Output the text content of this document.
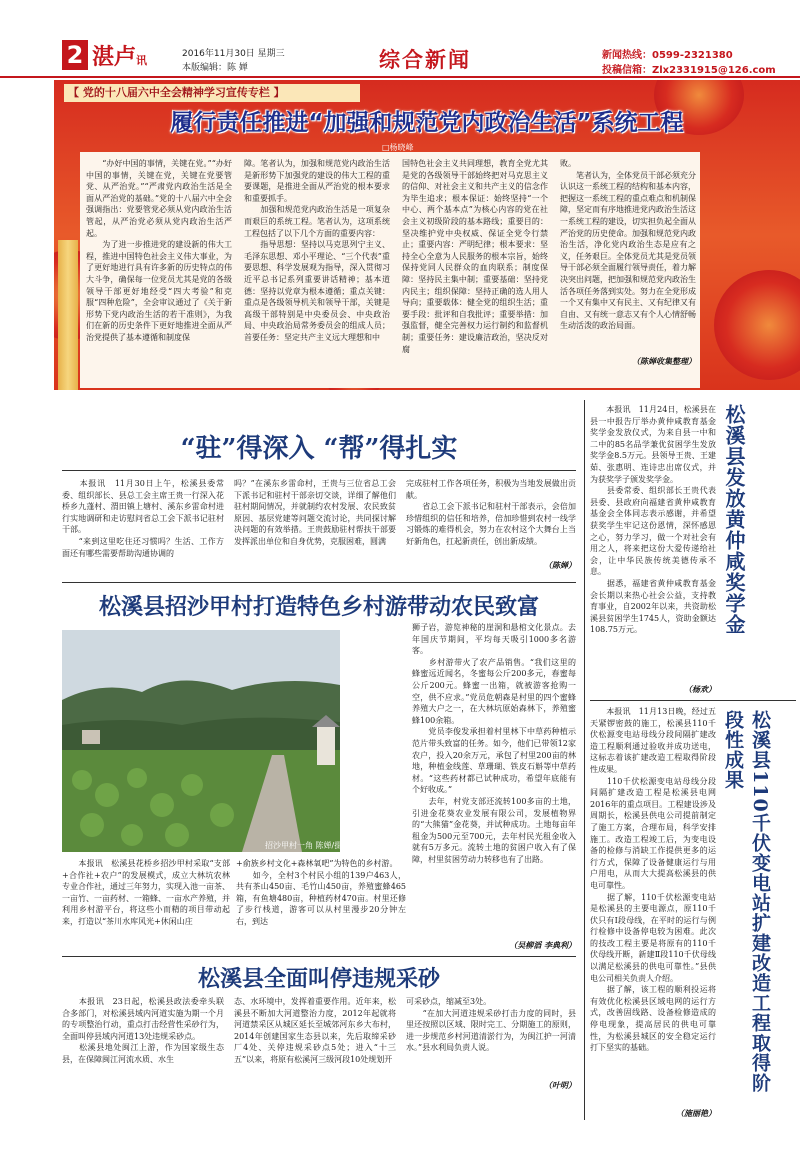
2 湛卢讯	2016年11月30日 星期三
本版编辑：陈 婵	综合新闻	新闻热线：0599-2321380
投稿信箱：Zlx2331915@126.com
【 党的十八届六中全会精神学习宣传专栏 】
履行责任推进“加强和规范党内政治生活”系统工程
□杨晓峰
　　“办好中国的事情，关键在党。”“办好中国的事情，关键在党，关键在党要管党、从严治党。”“严肃党内政治生活是全面从严治党的基础。”党的十八届六中全会强调指出：党要管党必须从党内政治生活管起，从严治党必须从党内政治生活严起。
　　为了进一步推进党的建设新的伟大工程，推进中国特色社会主义伟大事业，为了更好地进行具有许多新的历史特点的伟大斗争，确保每一位党员尤其是党的各级领导干部更好地经受“四大考验”和克服“四种危险”，全会审议通过了《关于新形势下党内政治生活的若干准则》，为我们在新的历史条件下更好地推进全面从严治党提供了基本遵循和制度保
障。笔者认为，加强和规范党内政治生活是新形势下加强党的建设的伟大工程的重要课题，是推进全面从严治党的根本要求和重要抓手。
　　加强和规范党内政治生活是一项复杂而艰巨的系统工程。笔者认为，这项系统工程包括了以下几个方面的重要内容：
　　指导思想：坚持以马克思列宁主义、毛泽东思想、邓小平理论、“三个代表”重要思想、科学发展观为指导，深入贯彻习近平总书记系列重要讲话精神；基本道德：坚持以党章为根本遵循；重点关键：重点是各级领导机关和领导干部，关键是高级干部特别是中央委员会、中央政治局、中央政治局常务委员会的组成人员；首要任务：坚定共产主义远大理想和中
国特色社会主义共同理想，教育全党尤其是党的各级领导干部始终把对马克思主义的信仰、对社会主义和共产主义的信念作为毕生追求；根本保证：始终坚持“一个中心、两个基本点”为核心内容的党在社会主义初级阶段的基本路线；重要目的：坚决维护党中央权威、保证全党令行禁止；重要内容：严明纪律；根本要求：坚持全心全意为人民服务的根本宗旨，始终保持党同人民群众的血肉联系；制度保障：坚持民主集中制；重要基础：坚持党内民主；组织保障：坚持正确的选人用人导向；重要载体：健全党的组织生活；重要手段：批评和自我批评；重要举措：加强监督，健全完善权力运行制约和监督机制；重要任务：建设廉洁政治，坚决反对腐
败。
　　笔者认为，全体党员干部必须充分认识这一系统工程的结构和基本内容，把握这一系统工程的重点难点和机制保障，坚定而有序地推进党内政治生活这一系统工程的建设，切实担负起全面从严治党的历史使命。加强和规范党内政治生活，净化党内政治生态是应有之义，任务艰巨。全体党员尤其是党员领导干部必须全面履行领导责任，着力解决突出问题，把加强和规范党内政治生活各项任务落到实处。努力在全党形成一个又有集中又有民主、又有纪律又有自由、又有统一意志又有个人心情舒畅生动活泼的政治局面。
（陈婵收集整理）
“驻”得深入 “帮”得扎实
　　本报讯　11月30日上午，松溪县委常委、组织部长、县总工会主席王贵一行深入花桥乡九蓬村、渭田镇上塘村、溪东乡雷命村进行实地调研和走访慰问省总工会下派书记驻村干部。
　　“来到这里吃住还习惯吗？生活、工作方面还有哪些需要帮助沟通协调的
吗？”在溪东乡雷命村，王贵与三位省总工会下派书记和驻村干部亲切交谈，详细了解他们驻村期间情况，并就制约农村发展、农民致贫原因、基层党建等问题交流讨论，共同探讨解决问题的有效举措。王贵鼓励驻村帮扶干部要发挥派出单位和自身优势，克服困难，圆满
完成驻村工作各项任务，积极为当地发展做出贡献。
　　省总工会下派书记和驻村干部表示，会倍加珍惜组织的信任和培养，倍加珍惜到农村一线学习锻炼的难得机会，努力在农村这个大舞台上当好新角色，扛起新责任，创出新成绩。
（陈婵）
松溪县招沙甲村打造特色乡村游带动农民致富
招沙甲村一角 陈婵/摄
　　本报讯　松溪县花桥乡招沙甲村采取“支部+合作社+农户”的发展模式，成立大林坑农林专业合作社，通过三年努力，实现入池一亩茶、一亩竹、一亩药材、一箱蜂、一亩水产养殖，并利用乡村游平台，将这些小而精的项目带动起来，打造以“茶川水库风光+休闲山庄
+俞族乡村文化+森林氧吧”为特色的乡村游。
　　如今，全村3个村民小组的139户463人，共有茶山450亩、毛竹山450亩，养殖蜜蜂465箱，有鱼塘480亩，种植药材470亩。村里还修了步行栈道，游客可以从村里漫步20分钟左右，到达
狮子岩，游览神秘的崖洞和悬棺文化景点。去年国庆节期间，平均每天吸引1000多名游客。
　　乡村游带火了农产品销售。“我们这里的蜂蜜远近闻名，冬蜜每公斤200多元，春蜜每公斤200元。蜂蜜一出箱，就被游客抢购一空，供不应求。”党员危朝森是村里的四个蜜蜂养殖大户之一，在大林坑原始森林下，养殖蜜蜂100余箱。
　　党员李俊发承担着村里林下中草药种植示范片带头致富的任务。如今，他们已带领12家农户，投入20余万元，承包了村里200亩的林地，种植金线莲、草珊瑚、铁皮石斛等中草药材。“这些药材都已试种成功，希望年底能有个好收成。”
　　去年，村党支部还流转100多亩的土地，引进金花葵农业发展有限公司，发展植物界的“大熊猫”金花葵，并试种成功。土地每亩年租金为500元至700元，去年村民光租金收入就有5万多元。流转土地的贫困户收入有了保障，村里贫困劳动力转移也有了出路。
（吴柳滔 李典利）
松溪县全面叫停违规采砂
　　本报讯　23日起，松溪县政法委牵头联合多部门，对松溪县域内河道实施为期一个月的专项整治行动，重点打击经营性采砂行为，全面叫停县域内河道13处违规采砂点。
　　松溪县地处闽江上游，作为国家级生态县，在保障闽江河流水质、水生
态、水环境中，发挥着重要作用。近年来，松溪县不断加大河道整治力度，2012年起就将河道禁采区从城区延长至城郊河东乡大布村，2014年创建国家生态县以来，先后取缔采砂厂4处、关停违规采砂点5处；进入“十三五”以来，将原有松溪河三级河段10处规划开
可采砂点，缩减至3处。
　　“在加大河道违规采砂打击力度的同时，县里还按照以区域、限时完工、分期施工的原则，进一步规范乡村河道清淤行为，为闽江护一河清水。”县水利局负责人说。
（叶明）
　　本报讯　11月24日，松溪县在县一中报告厅举办黄仲咸教育基金奖学金发放仪式，为来自县一中和二中的85名品学兼优贫困学生发放奖学金8.5万元。县领导王贵、王建茹、张惠明、连诗忠出席仪式，并为获奖学子颁发奖学金。
　　县委常委、组织部长王贵代表县委、县政府向福建省黄仲咸教育基金会全体同志表示感谢，并希望获奖学生牢记这份恩情，深怀感恩之心，努力学习，做一个对社会有用之人，将来把这份大爱传递给社会，让中华民族传统美德传承不息。
　　据悉，福建省黄仲咸教育基金会长期以来热心社会公益，支持教育事业，自2002年以来，共资助松溪县贫困学生1745人，资助金额达108.75万元。
（杨欢）
松溪县发放黄仲咸奖学金
　　本报讯　11月13日晚，经过五天紧锣密鼓的施工，松溪县110千伏松源变电站母线分段间隔扩建改造工程顺利通过验收并成功送电，这标志着该扩建改造工程取得阶段性成果。
　　110千伏松源变电站母线分段间隔扩建改造工程是松溪县电网2016年的重点项目。工程建设涉及周期长，松溪县供电公司提前制定了施工方案，合理布局，科学安排施工。改造工程竣工后，为变电设备的检修与消缺工作提供更多的运行方式，保障了设备健康运行与用户用电，从而大大提高松溪县的供电可靠性。
　　据了解，110千伏松源变电站是松溪县的主要电源点，原110千伏只有Ⅰ段母线，在平时的运行与例行检修中设备停电较为困难。此次的技改工程主要是将原有的110千伏母线开断，新建Ⅱ段110千伏母线以满足松溪县的供电可靠性。”县供电公司相关负责人介绍。
　　据了解，该工程的顺利投运将有效优化松溪县区域电网的运行方式，改善固线路、设备检修造成的停电现象，提高居民的供电可靠性，为松溪县城区的安全稳定运行打下坚实的基础。
（施丽艳）
松溪县110千伏变电站扩建改造工程取得阶段性成果
